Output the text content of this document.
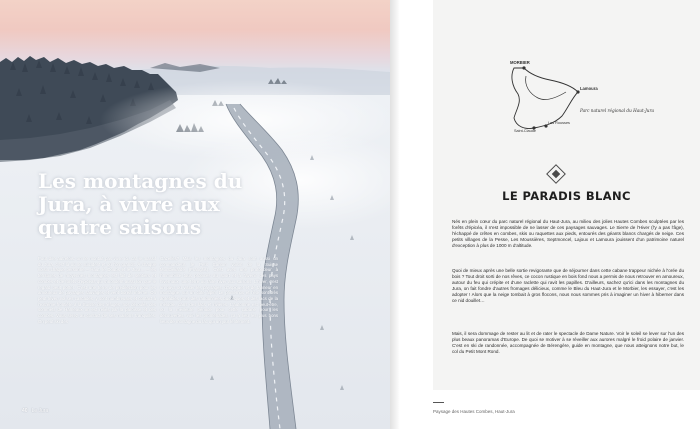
Les montagnes du Jura, à vivre aux quatre saisons

Pour dire autrefois: on ne montait pas vivre ici, car le massif du Jura, c'est là où se suicident et où l'on grandit. À chaque voisin chaque personne – Haut, le Doubs et le Jura… – les territoires de moyennes montagnes est fait de sentiers et combes et de forêts d'épicéas qui s'inondent aussi loin que le regard peut porter. C'est une terre de prédilection pour les amoureux de paysages sauvages et vent boréal interne. On peut rêver, vol ses cascades, y sont nombreuses et contact à l'extrême frontière à la Suisse des refuges, nos déroulés des sommets de Hameaux on est reliés par la paroisse et des combes. Vous serez au contact de ses maisons tranquilles. On peut ski des

Gazelles? Mais les montagnes du Jura sont aussi un commandeur, le Petit Canton voisin de la Suisse Montbéliarde (Français). C'est avec une profondeur à l'immobilité tous propices au sport et à l'avenir des pays hivernaux, une terre où faire hiver aux saisons. L'hiver, c'est un pays ou visiter les paysages, d'aspiguer et de tanneur en montagne, sur un côté alpin. Le printemps et l'été sont très agréables pour des randonnées bucoliques et des lacs de la mélodie, dans des lacs et rivières. L'automne est peut-être, ou la meilleure période pour cette cabane pour les découvertes, voir les promenades, ça a lieu les plus bons lieux de montagne du lac qui un jour lentement.

40 Le Jura
MORBIER
Lamoura
Les Rousses
Saint-Claude
Parc naturel régional du Haut-Jura
LE PARADIS BLANC

Nés en plein cœur du parc naturel régional du Haut-Jura, au milieu des jolies Hautes Combes sculptées par les forêts d'épicéa, il n'est impossible de ne lasser de ces paysages sauvages. Le Sierre de l'Hiver (l'y a pas l'âge), l'échappé de crêtes en combes, skis ou raquettes aux pieds, entourés des géants blancs chargés de neige. Ces petits villages de la Pesse, Les Moussières, Septmoncel, Lajoux et Lamoura jouissent d'un patrimoine naturel d'exception à plus de 1000 m d'altitude.

Quoi de mieux après une belle sortie revigorante que de séjourner dans cette cabane trappeur nichée à l'orée du bois ? Tout droit sorti de nos rêves, ce cocon rustique en bois fond nous a permis de nous retrouver en amoureux, autour du feu qui crépite et d'une raclette qui ravit les papilles. D'ailleurs, sachez qu'ici dans les montagnes du Jura, on fait fondre d'autres fromages délicieux, comme le Bleu du Haut-Jura et le Morbier, les essayer, c'est les adopter ! Alors que la neige tombait à gros flocons, nous nous sommes pris à imaginer un hiver à hiberner dans ce nid douillet…

Mais, il sera dommage de rester au lit et de rater le spectacle de Dame Nature. Voir le soleil se lever sur l'un des plus beaux panoramas d'Europe. De quoi se motiver à se réveiller aux aurores malgré le froid polaire de janvier. C'est en ski de randonnée, accompagnée de Bérengère, guide en montagne, que nous atteignons notre but, le col du Petit Mont Rond.

Paysage des Hautes Combes, Haut-Jura
